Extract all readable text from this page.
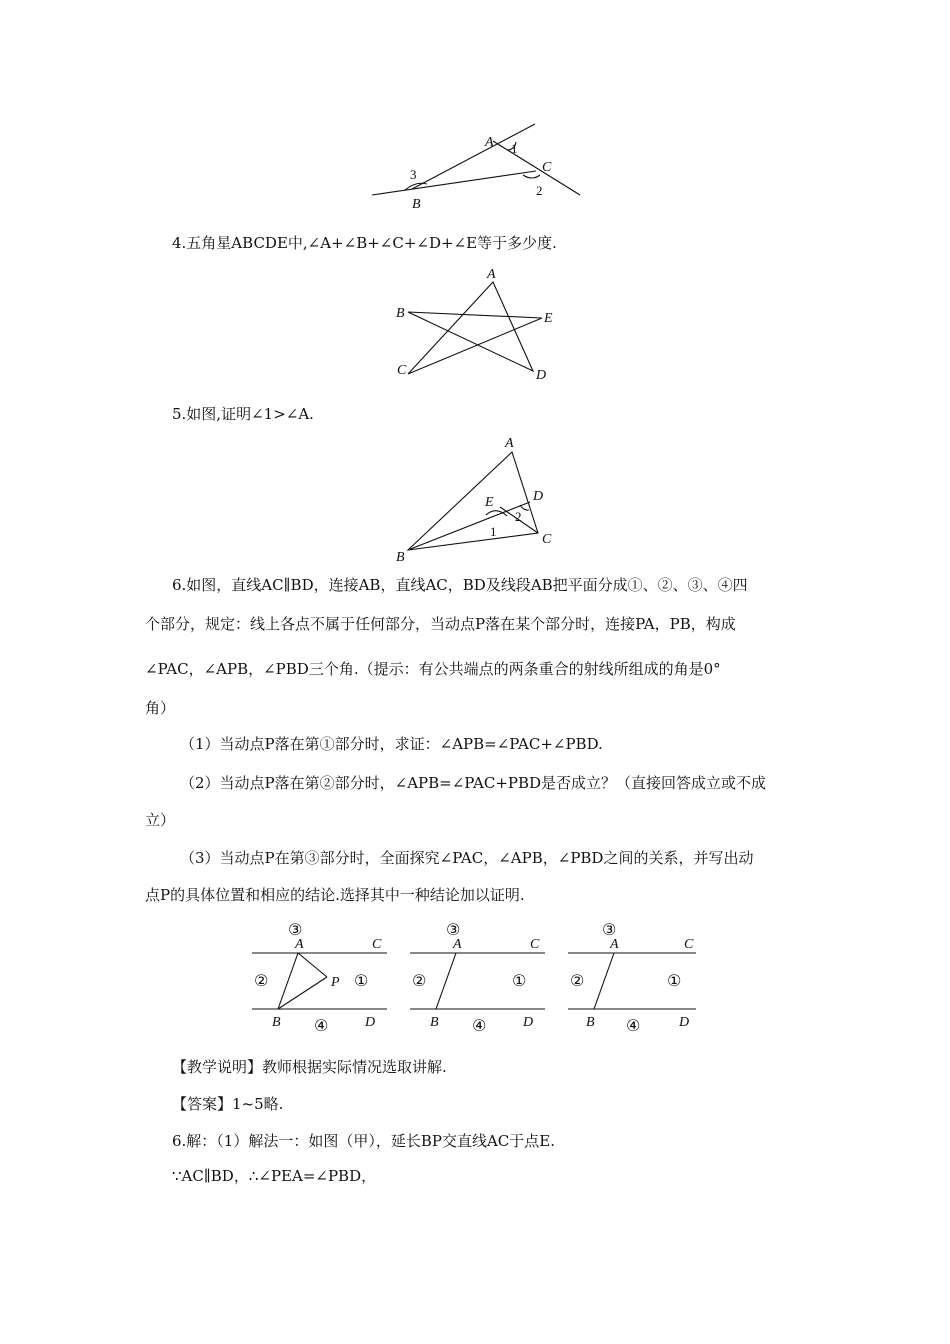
A
B
C
1
2
3
4.五角星ABCDE中,∠A+∠B+∠C+∠D+∠E等于多少度.
A
B
C	D
E
5.如图,证明∠1>∠A.
A
B
C
D
E
1
2
6.如图，直线AC∥BD，连接AB，直线AC，BD及线段AB把平面分成①、②、③、④四
个部分，规定：线上各点不属于任何部分，当动点P落在某个部分时，连接PA，PB，构成
∠PAC，∠APB，∠PBD三个角.（提示：有公共端点的两条重合的射线所组成的角是0°
角）
（1）当动点P落在第①部分时，求证：∠APB=∠PAC+∠PBD.
（2）当动点P落在第②部分时，∠APB=∠PAC+PBD是否成立？（直接回答成立或不成
立）
（3）当动点P在第③部分时，全面探究∠PAC，∠APB，∠PBD之间的关系，并写出动
点P的具体位置和相应的结论.选择其中一种结论加以证明.
③
A	C
②	P ①
B ④	D
③
A	C
②	①
B ④	D
③
A	C
②	①
B ④	D
【教学说明】教师根据实际情况选取讲解.
【答案】1~5略.
6.解：（1）解法一：如图（甲），延长BP交直线AC于点E.
∵AC∥BD，∴∠PEA=∠PBD，
